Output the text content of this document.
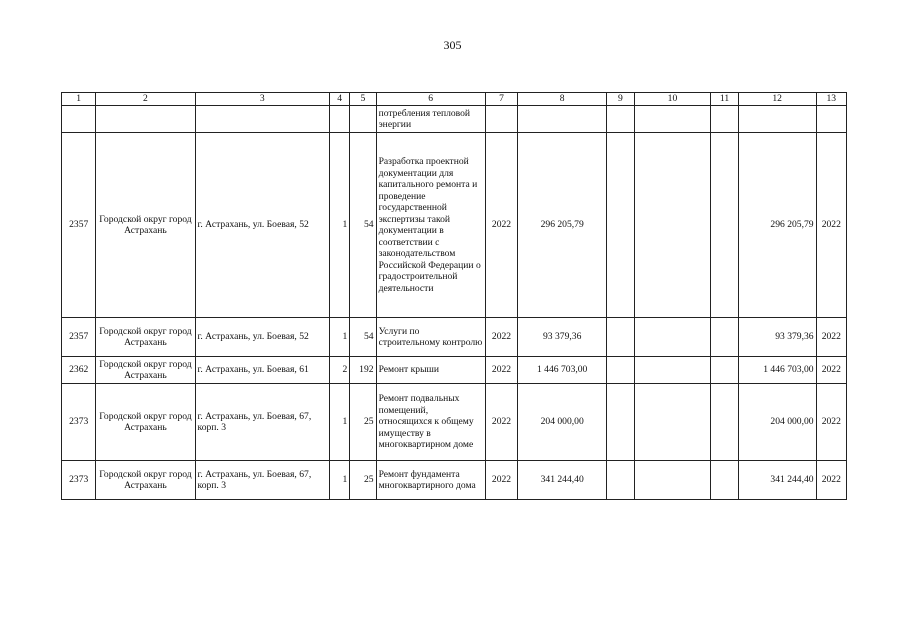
305
1	2	3	4	5	6	7	8	9	10	11	12	13
					потребления тепловой энергии							
2357	Городской округ город Астрахань	г. Астрахань, ул. Боевая, 52	1	54	Разработка проектной документации для капитального ремонта и проведение государственной экспертизы такой документации в соответствии с законодательством Российской Федерации о градостроительной деятельности	2022	296 205,79				296 205,79	2022
2357	Городской округ город Астрахань	г. Астрахань, ул. Боевая, 52	1	54	Услуги по строительному контролю	2022	93 379,36				93 379,36	2022
2362	Городской округ город Астрахань	г. Астрахань, ул. Боевая, 61	2	192	Ремонт крыши	2022	1 446 703,00				1 446 703,00	2022
2373	Городской округ город Астрахань	г. Астрахань, ул. Боевая, 67, корп. 3	1	25	Ремонт подвальных помещений, относящихся к общему имуществу в многоквартирном доме	2022	204 000,00				204 000,00	2022
2373	Городской округ город Астрахань	г. Астрахань, ул. Боевая, 67, корп. 3	1	25	Ремонт фундамента многоквартирного дома	2022	341 244,40				341 244,40	2022
